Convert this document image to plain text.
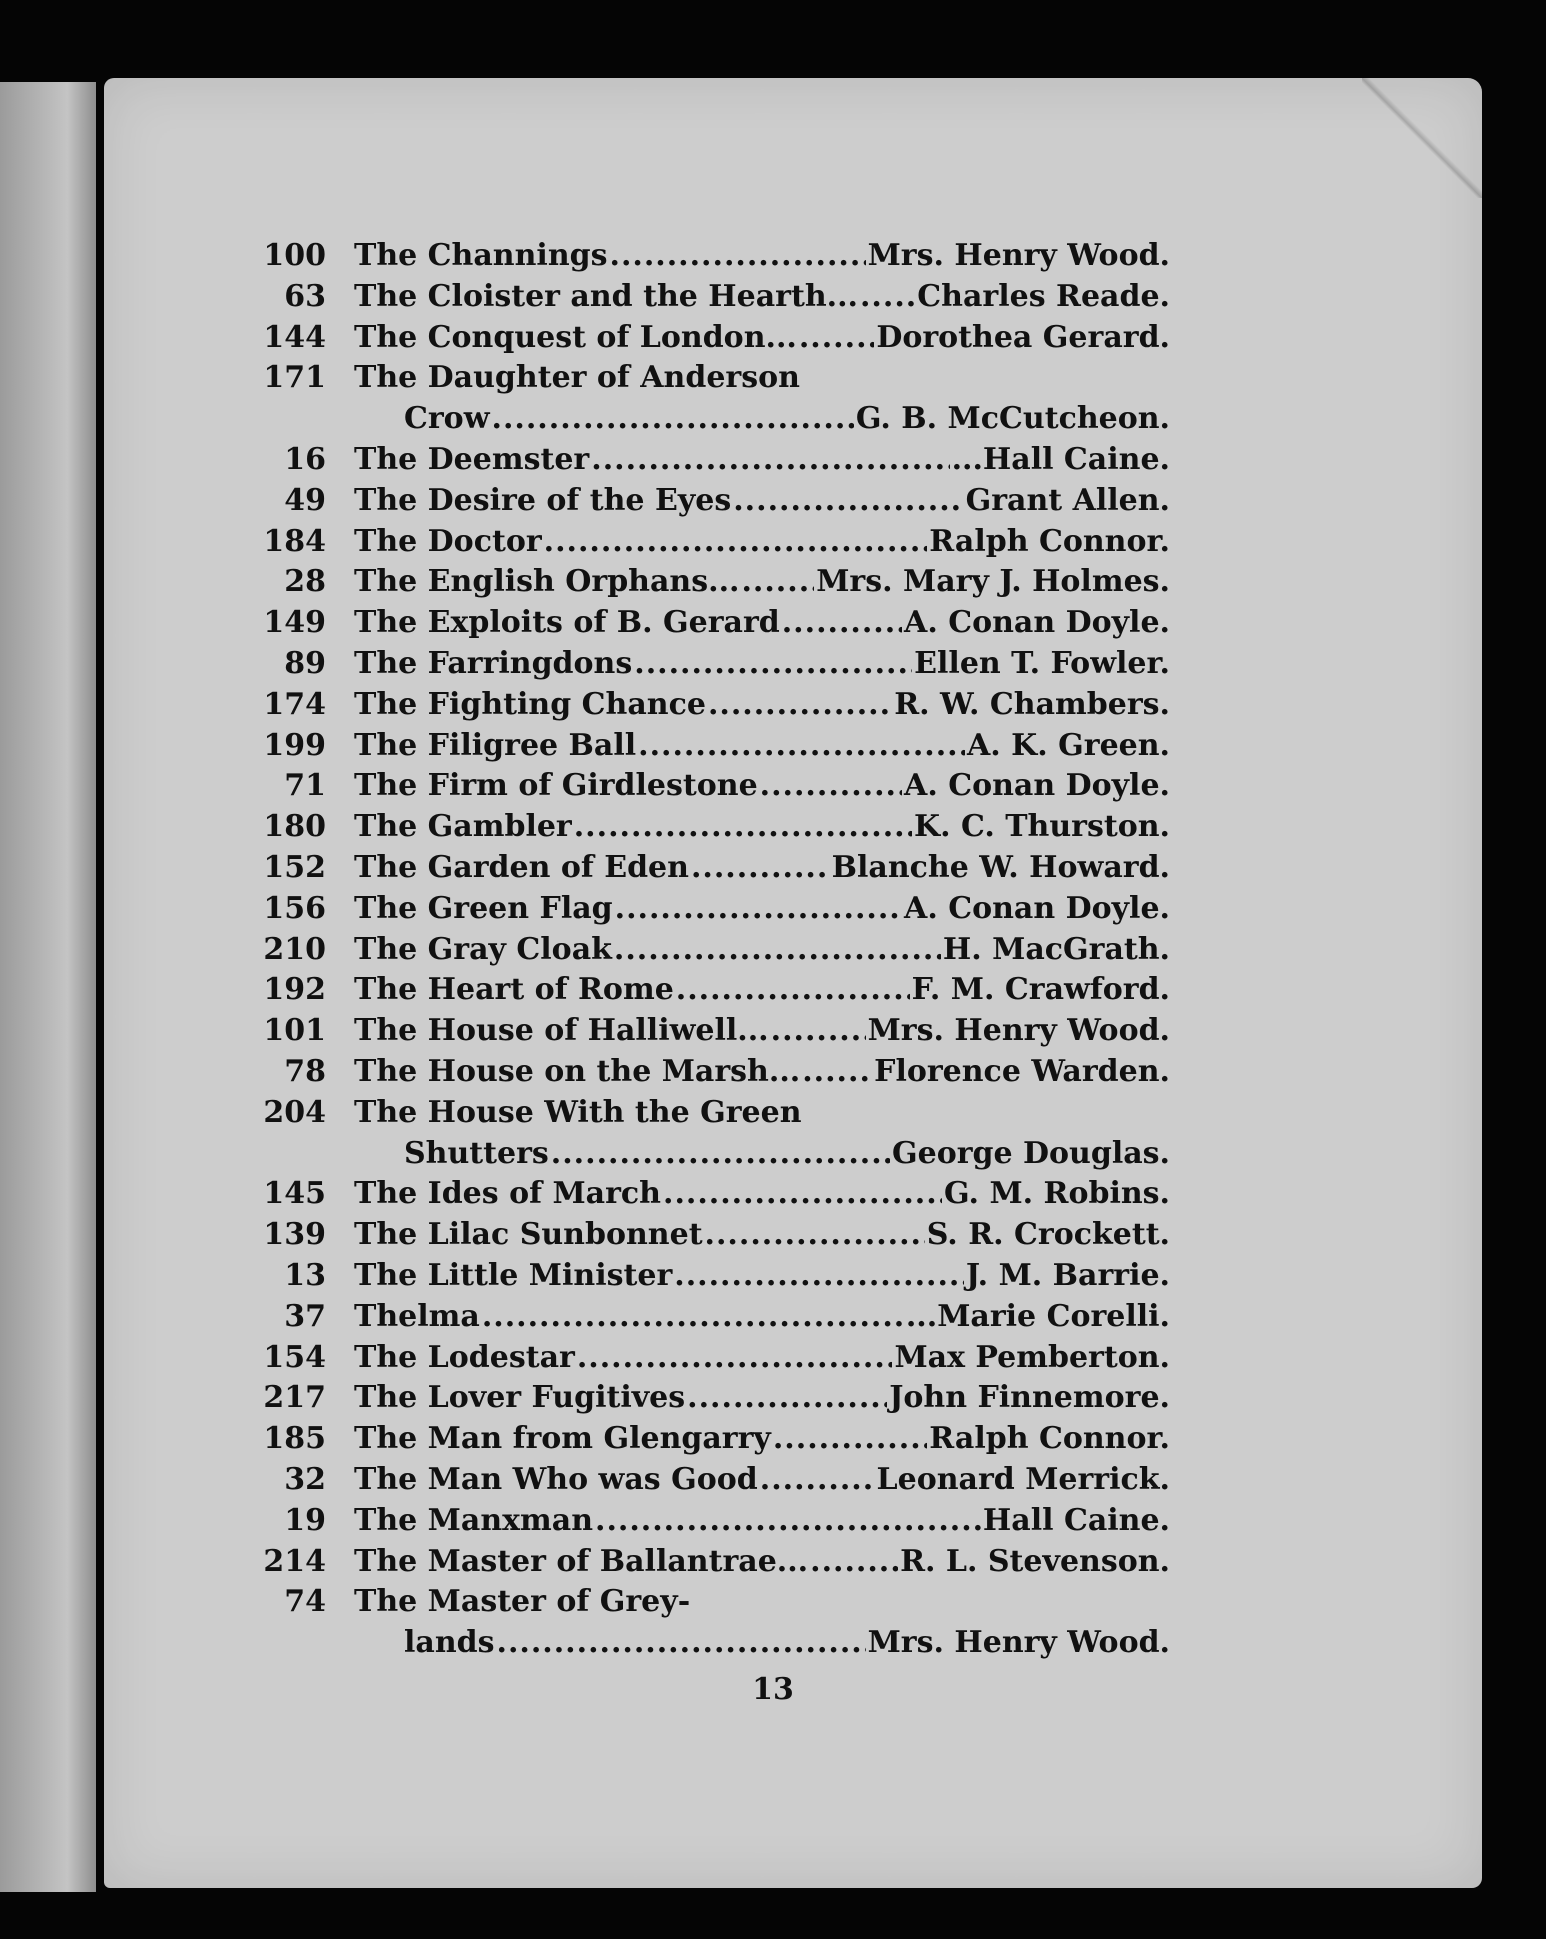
100 The Channings .....	Mrs. Henry Wood.
63 The Cloister and the Hearth... ..... Charles Reade.
144 The Conquest of London... .....	Dorothea Gerard.
171 The Daughter of Anderson
Crow .....	G. B. McCutcheon.
16 The Deemster .....	...Hall Caine.
49 The Desire of the Eyes .....	Grant Allen.
184 The Doctor .....	Ralph Connor.
28 The English Orphans... .....	Mrs. Mary J. Holmes.
149 The Exploits of B. Gerard .....	A. Conan Doyle.
89 The Farringdons .....	Ellen T. Fowler.
174 The Fighting Chance .....	R. W. Chambers.
199 The Filigree Ball .....	A. K. Green.
71 The Firm of Girdlestone .....	A. Conan Doyle.
180 The Gambler .....	K. C. Thurston.
152 The Garden of Eden .....	Blanche W. Howard.
156 The Green Flag .....	A. Conan Doyle.
210 The Gray Cloak .....	H. MacGrath.
192 The Heart of Rome .....	F. M. Crawford.
101 The House of Halliwell... .....	Mrs. Henry Wood.
78 The House on the Marsh... ..... Florence Warden.
204 The House With the Green
Shutters .....	George Douglas.
145 The Ides of March .....	G. M. Robins.
139 The Lilac Sunbonnet .....	S. R. Crockett.
13 The Little Minister .....	J. M. Barrie.
37 Thelma .....	...Marie Corelli.
154 The Lodestar .....	Max Pemberton.
217 The Lover Fugitives .....	John Finnemore.
185 The Man from Glengarry .....	Ralph Connor.
32 The Man Who was Good .....	Leonard Merrick.
19 The Manxman .....	Hall Caine.
214 The Master of Ballantrae... .....	R. L. Stevenson.
74 The Master of Grey-
lands .....	Mrs. Henry Wood.
13
